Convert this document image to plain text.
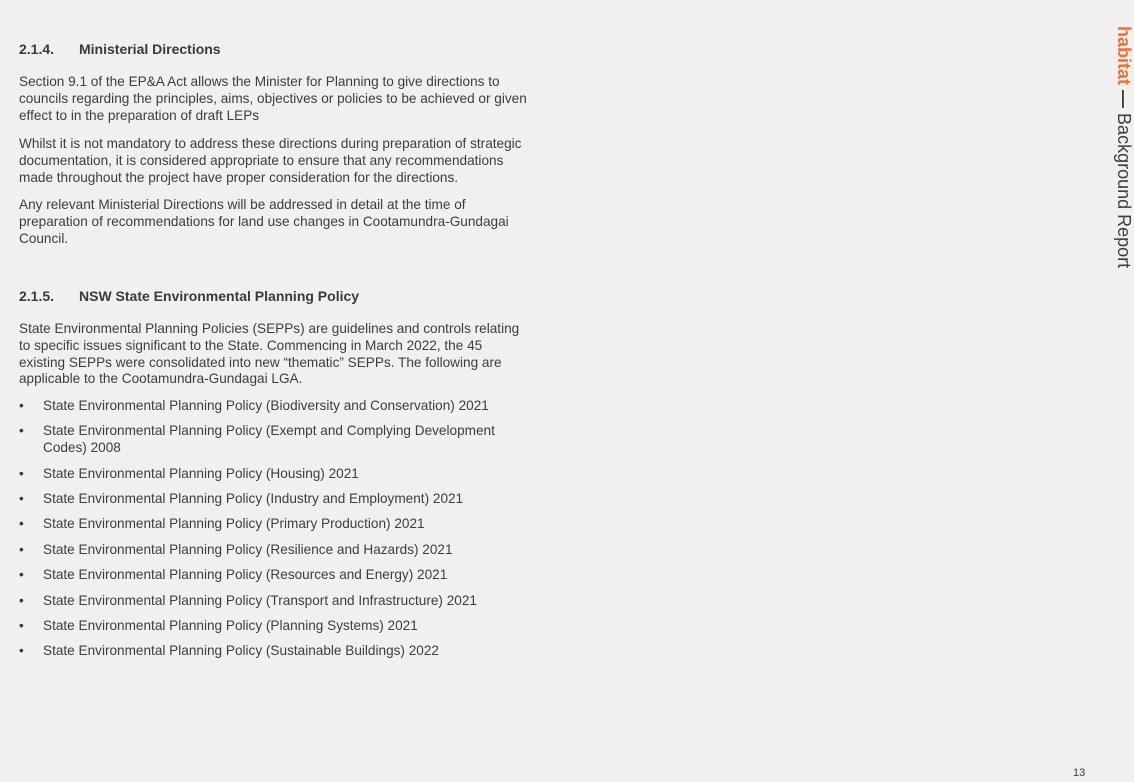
2.1.4. Ministerial Directions

Section 9.1 of the EP&A Act allows the Minister for Planning to give directions to councils regarding the principles, aims, objectives or policies to be achieved or given effect to in the preparation of draft LEPs

Whilst it is not mandatory to address these directions during preparation of strategic documentation, it is considered appropriate to ensure that any recommendations made throughout the project have proper consideration for the directions.

Any relevant Ministerial Directions will be addressed in detail at the time of preparation of recommendations for land use changes in Cootamundra-Gundagai Council.

2.1.5. NSW State Environmental Planning Policy

State Environmental Planning Policies (SEPPs) are guidelines and controls relating to specific issues significant to the State. Commencing in March 2022, the 45 existing SEPPs were consolidated into new “thematic” SEPPs. The following are applicable to the Cootamundra-Gundagai LGA.

• State Environmental Planning Policy (Biodiversity and Conservation) 2021
• State Environmental Planning Policy (Exempt and Complying Development Codes) 2008
• State Environmental Planning Policy (Housing) 2021
• State Environmental Planning Policy (Industry and Employment) 2021
• State Environmental Planning Policy (Primary Production) 2021
• State Environmental Planning Policy (Resilience and Hazards) 2021
• State Environmental Planning Policy (Resources and Energy) 2021
• State Environmental Planning Policy (Transport and Infrastructure) 2021
• State Environmental Planning Policy (Planning Systems) 2021
• State Environmental Planning Policy (Sustainable Buildings) 2022
habitat — Background Report
13
